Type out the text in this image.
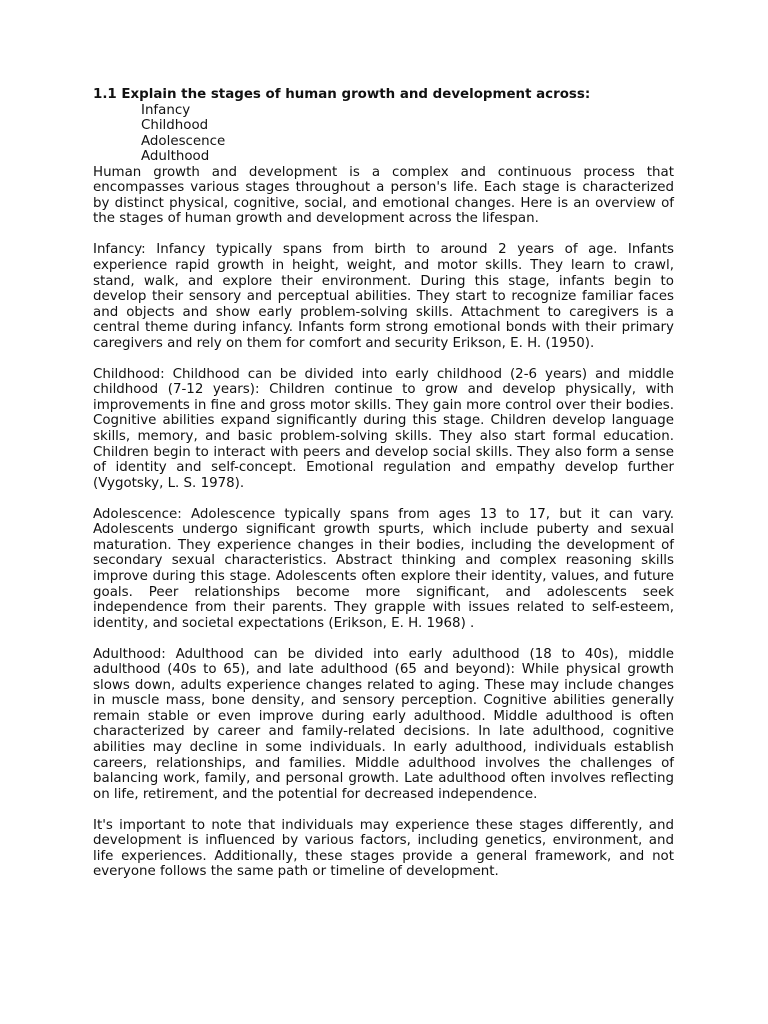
1.1 Explain the stages of human growth and development across:

Infancy
Childhood
Adolescence
Adulthood

Human growth and development is a complex and continuous process that encompasses various stages throughout a person's life. Each stage is characterized by distinct physical, cognitive, social, and emotional changes. Here is an overview of the stages of human growth and development across the lifespan.

Infancy: Infancy typically spans from birth to around 2 years of age. Infants experience rapid growth in height, weight, and motor skills. They learn to crawl, stand, walk, and explore their environment. During this stage, infants begin to develop their sensory and perceptual abilities. They start to recognize familiar faces and objects and show early problem-solving skills. Attachment to caregivers is a central theme during infancy. Infants form strong emotional bonds with their primary caregivers and rely on them for comfort and security Erikson, E. H. (1950).

Childhood: Childhood can be divided into early childhood (2-6 years) and middle childhood (7-12 years): Children continue to grow and develop physically, with improvements in fine and gross motor skills. They gain more control over their bodies. Cognitive abilities expand significantly during this stage. Children develop language skills, memory, and basic problem-solving skills. They also start formal education. Children begin to interact with peers and develop social skills. They also form a sense of identity and self-concept. Emotional regulation and empathy develop further (Vygotsky, L. S. 1978).

Adolescence: Adolescence typically spans from ages 13 to 17, but it can vary. Adolescents undergo significant growth spurts, which include puberty and sexual maturation. They experience changes in their bodies, including the development of secondary sexual characteristics. Abstract thinking and complex reasoning skills improve during this stage. Adolescents often explore their identity, values, and future goals. Peer relationships become more significant, and adolescents seek independence from their parents. They grapple with issues related to self-esteem, identity, and societal expectations (Erikson, E. H. 1968) .

Adulthood: Adulthood can be divided into early adulthood (18 to 40s), middle adulthood (40s to 65), and late adulthood (65 and beyond): While physical growth slows down, adults experience changes related to aging. These may include changes in muscle mass, bone density, and sensory perception. Cognitive abilities generally remain stable or even improve during early adulthood. Middle adulthood is often characterized by career and family-related decisions. In late adulthood, cognitive abilities may decline in some individuals. In early adulthood, individuals establish careers, relationships, and families. Middle adulthood involves the challenges of balancing work, family, and personal growth. Late adulthood often involves reflecting on life, retirement, and the potential for decreased independence.

It's important to note that individuals may experience these stages differently, and development is influenced by various factors, including genetics, environment, and life experiences. Additionally, these stages provide a general framework, and not everyone follows the same path or timeline of development.
